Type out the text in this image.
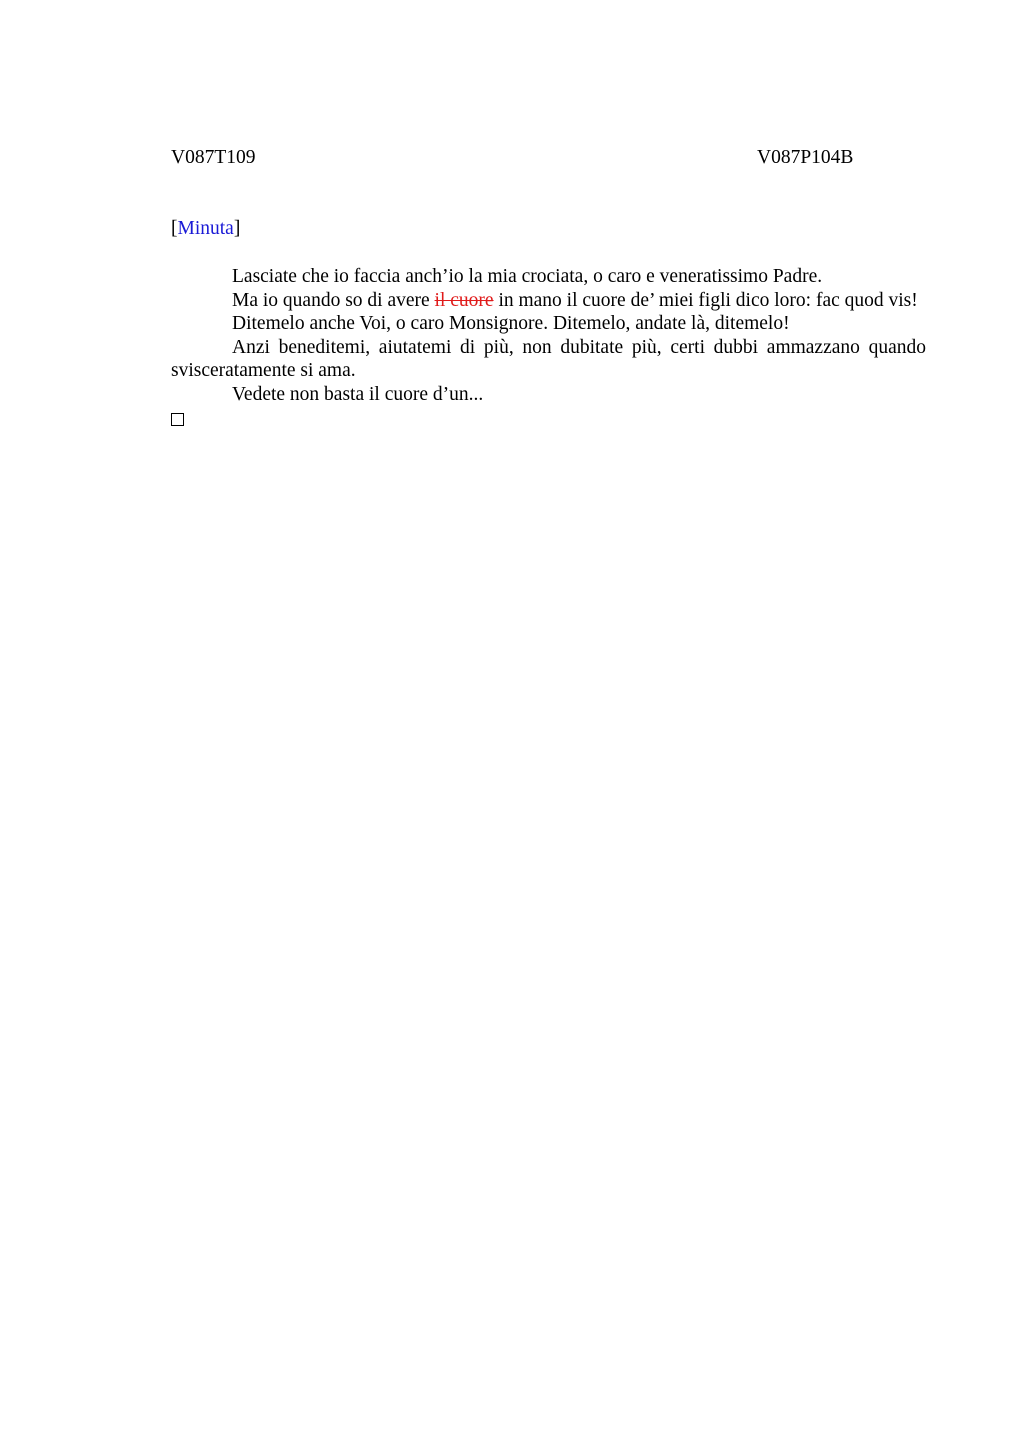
V087T109	V087P104B
[Minuta]

Lasciate che io faccia anch’io la mia crociata, o caro e veneratissimo Padre.

Ma io quando so di avere il cuore in mano il cuore de’ miei figli dico loro: fac quod vis!

Ditemelo anche Voi, o caro Monsignore. Ditemelo, andate là, ditemelo!

Anzi beneditemi, aiutatemi di più, non dubitate più, certi dubbi ammazzano quando svisceratamente si ama.

Vedete non basta il cuore d’un...
